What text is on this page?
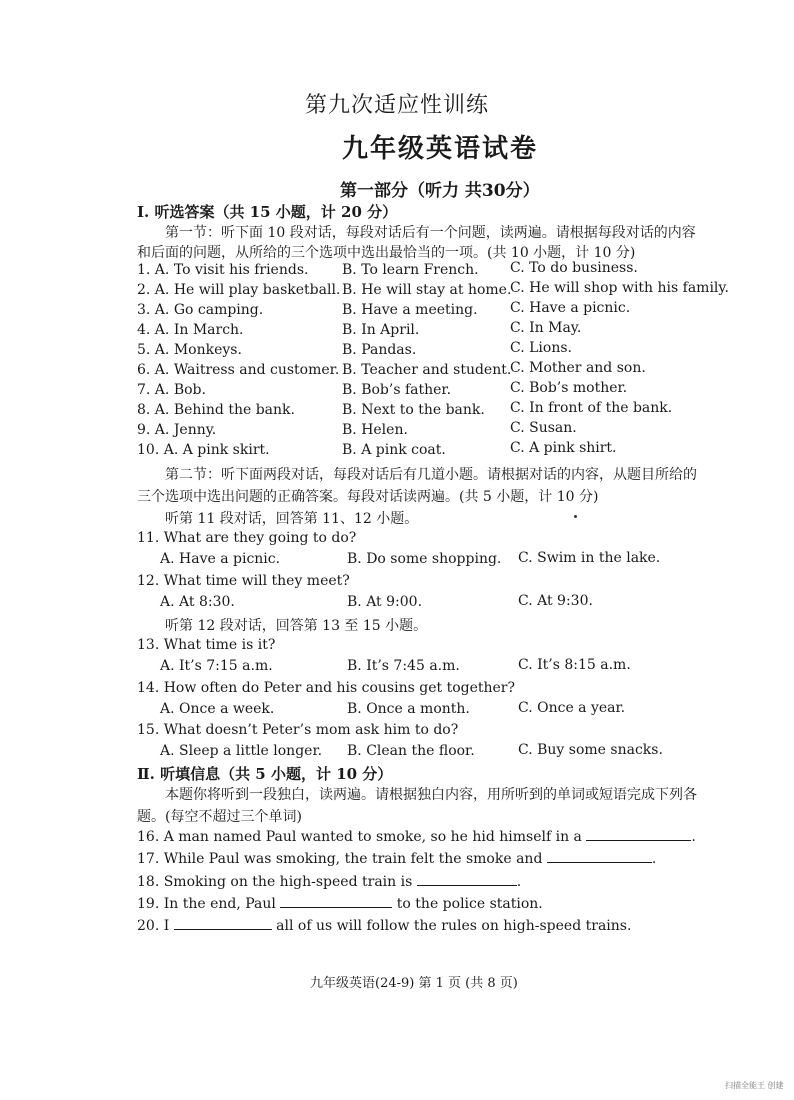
第九次适应性训练
九年级英语试卷
第一部分（听力 共30分）
Ⅰ. 听选答案（共 15 小题，计 20 分）
第一节：听下面 10 段对话，每段对话后有一个问题，读两遍。请根据每段对话的内容
和后面的问题，从所给的三个选项中选出最恰当的一项。(共 10 小题，计 10 分)
1. A. To visit his friends. B. To learn French. C. To do business.
2. A. He will play basketball. B. He will stay at home.
C. He will shop with his family.
3. A. Go camping.	B. Have a meeting. C. Have a picnic.
4. A. In March.	B. In April.	C. In May.
5. A. Monkeys.	B. Pandas.	C. Lions.
6. A. Waitress and customer. B. Teacher and student.
C. Mother and son.
7. A. Bob.	B. Bob’s father.	C. Bob’s mother.
8. A. Behind the bank.	B. Next to the bank. C. In front of the bank.
9. A. Jenny.	B. Helen.	C. Susan.
10. A. A pink skirt.	B. A pink coat.	C. A pink shirt.
第二节：听下面两段对话，每段对话后有几道小题。请根据对话的内容，从题目所给的
三个选项中选出问题的正确答案。每段对话读两遍。(共 5 小题，计 10 分)
听第 11 段对话，回答第 11、12 小题。
11. What are they going to do?
A. Have a picnic.	B. Do some shopping. C. Swim in the lake.
12. What time will they meet?
A. At 8:30.	B. At 9:00.	C. At 9:30.
听第 12 段对话，回答第 13 至 15 小题。
13. What time is it?
A. It’s 7:15 a.m.	B. It’s 7:45 a.m.	C. It’s 8:15 a.m.
14. How often do Peter and his cousins get together?
A. Once a week.	B. Once a month.	C. Once a year.
15. What doesn’t Peter’s mom ask him to do?
A. Sleep a little longer. B. Clean the floor.	C. Buy some snacks.
Ⅱ. 听填信息（共 5 小题，计 10 分）
本题你将听到一段独白，读两遍。请根据独白内容，用所听到的单词或短语完成下列各
题。(每空不超过三个单词)
16. A man named Paul wanted to smoke, so he hid himself in a	.
17. While Paul was smoking, the train felt the smoke and	.
18. Smoking on the high-speed train is	.
19. In the end, Paul	to the police station.
20. I	all of us will follow the rules on high-speed trains.
九年级英语(24-9) 第 1 页 (共 8 页)
扫描全能王 创建
